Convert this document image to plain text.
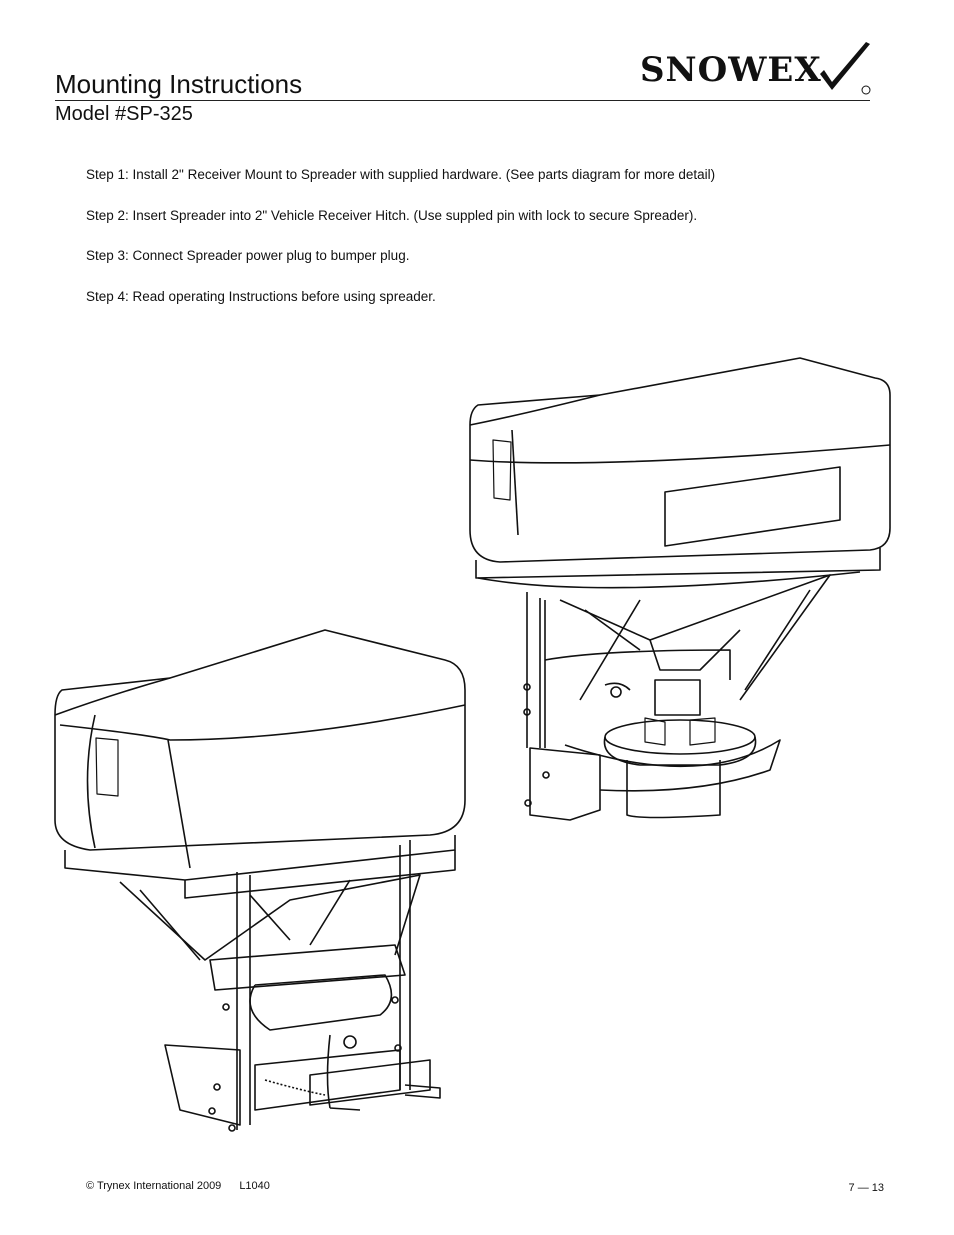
Mounting Instructions
Model #SP-325
SNOWEX
Step 1: Install 2" Receiver Mount to Spreader with supplied hardware. (See parts diagram for more detail)
Step 2: Insert Spreader into 2" Vehicle Receiver Hitch. (Use suppled pin with lock to secure Spreader).
Step 3: Connect Spreader power plug to bumper plug.
Step 4: Read operating Instructions before using spreader.
© Trynex International 2009 L1040	7 — 13
